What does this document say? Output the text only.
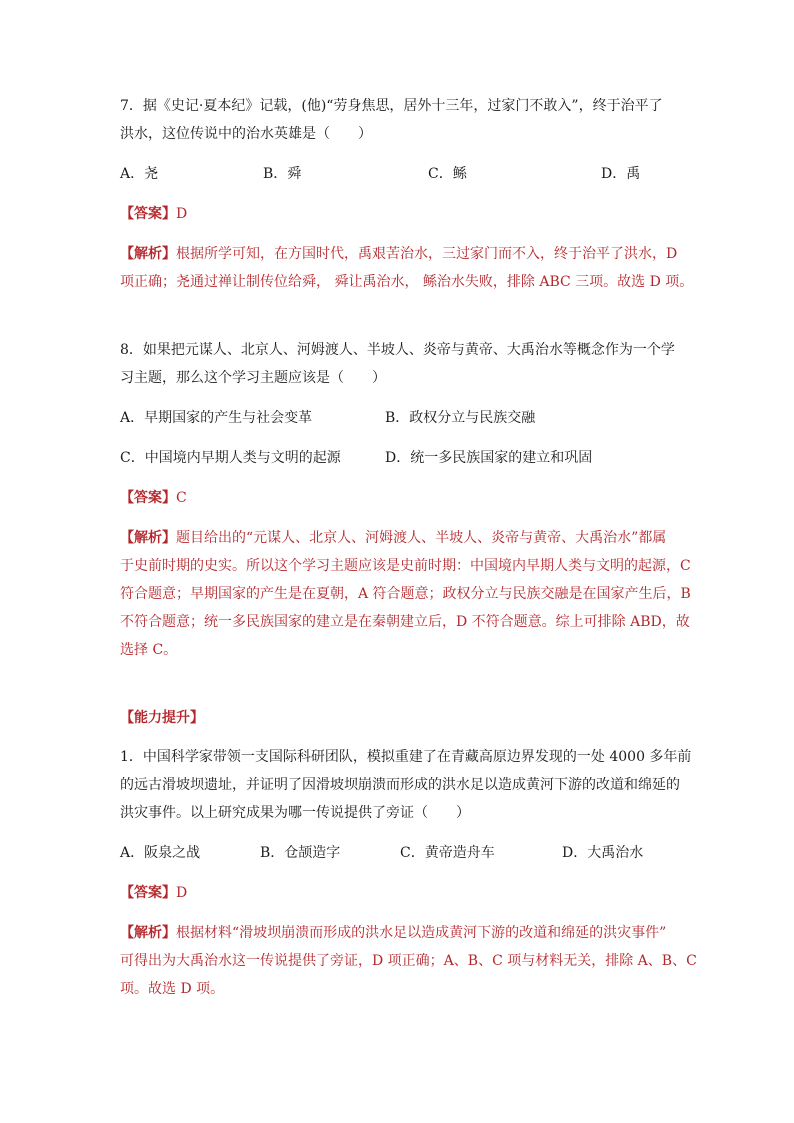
7．据《史记·夏本纪》记载，(他)“劳身焦思，居外十三年，过家门不敢入”，终于治平了
洪水，这位传说中的治水英雄是（　　）
A．尧	B．舜	C．鲧	D．禹
【答案】D
【解析】根据所学可知，在方国时代，禹艰苦治水，三过家门而不入，终于治平了洪水，D
项正确；尧通过禅让制传位给舜， 舜让禹治水， 鲧治水失败，排除 ABC 三项。故选 D 项。
8．如果把元谋人、北京人、河姆渡人、半坡人、炎帝与黄帝、大禹治水等概念作为一个学
习主题，那么这个学习主题应该是（　　）
A．早期国家的产生与社会变革	B．政权分立与民族交融
C．中国境内早期人类与文明的起源	D．统一多民族国家的建立和巩固
【答案】C
【解析】题目给出的“元谋人、北京人、河姆渡人、半坡人、炎帝与黄帝、大禹治水”都属
于史前时期的史实。所以这个学习主题应该是史前时期：中国境内早期人类与文明的起源，C
符合题意；早期国家的产生是在夏朝，A 符合题意；政权分立与民族交融是在国家产生后，B
不符合题意；统一多民族国家的建立是在秦朝建立后，D 不符合题意。综上可排除 ABD，故
选择 C。
【能力提升】
1．中国科学家带领一支国际科研团队，模拟重建了在青藏高原边界发现的一处 4000 多年前
的远古滑坡坝遗址，并证明了因滑坡坝崩溃而形成的洪水足以造成黄河下游的改道和绵延的
洪灾事件。以上研究成果为哪一传说提供了旁证（　　）
A．阪泉之战	B．仓颉造字	C．黄帝造舟车	D．大禹治水
【答案】D
【解析】根据材料“滑坡坝崩溃而形成的洪水足以造成黄河下游的改道和绵延的洪灾事件”
可得出为大禹治水这一传说提供了旁证，D 项正确；A、B、C 项与材料无关，排除 A、B、C
项。故选 D 项。
